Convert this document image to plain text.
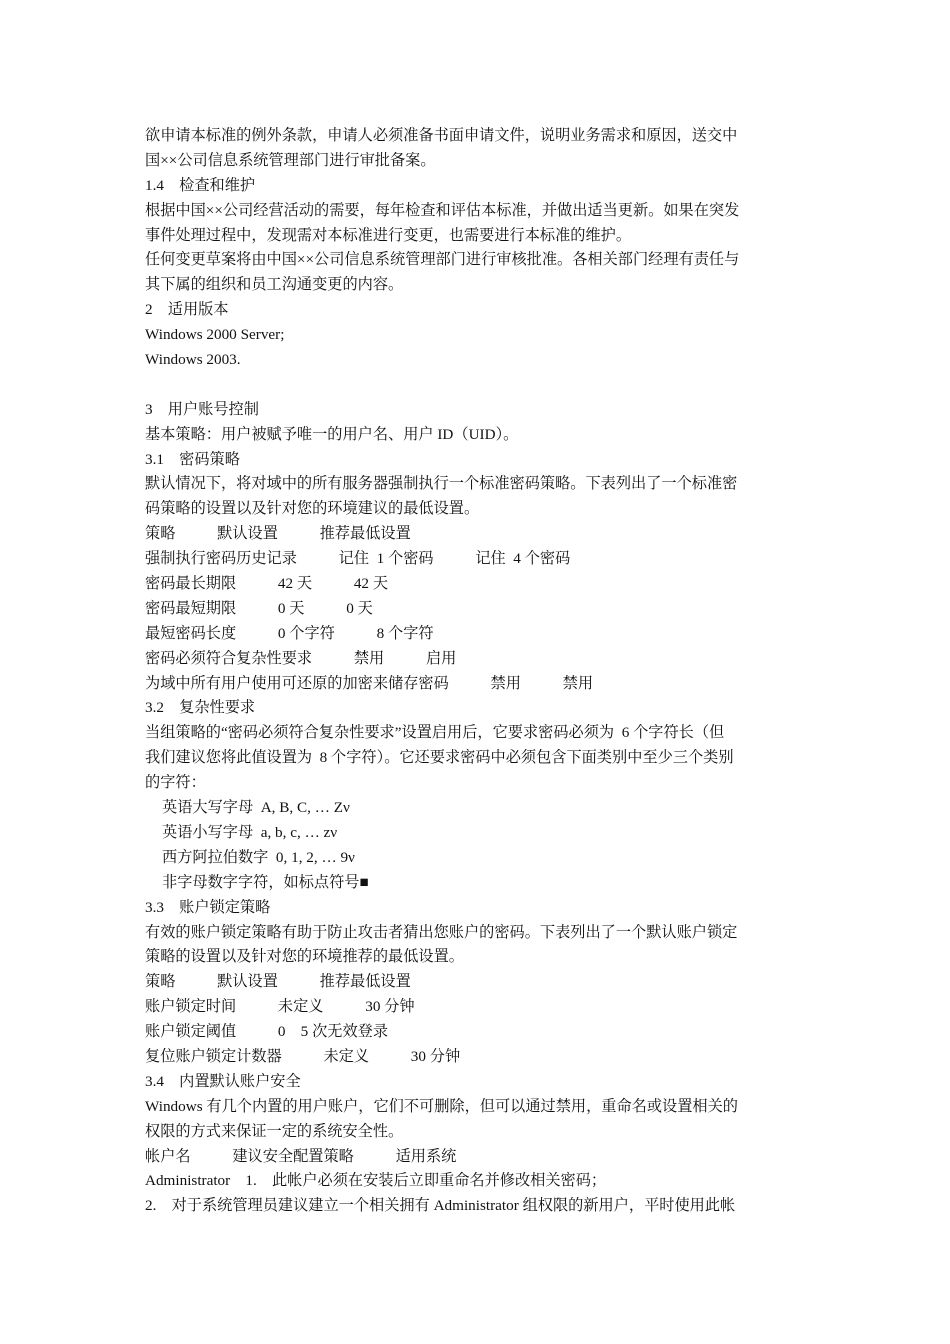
欲申请本标准的例外条款，申请人必须准备书面申请文件，说明业务需求和原因，送交中
国××公司信息系统管理部门进行审批备案。
1.4    检查和维护
根据中国××公司经营活动的需要，每年检查和评估本标准，并做出适当更新。如果在突发
事件处理过程中，发现需对本标准进行变更，也需要进行本标准的维护。
任何变更草案将由中国××公司信息系统管理部门进行审核批准。各相关部门经理有责任与
其下属的组织和员工沟通变更的内容。
2    适用版本
Windows 2000 Server;
Windows 2003.
3    用户账号控制
基本策略：用户被赋予唯一的用户名、用户 ID（UID）。
3.1    密码策略
默认情况下，将对域中的所有服务器强制执行一个标准密码策略。下表列出了一个标准密
码策略的设置以及针对您的环境建议的最低设置。
策略           默认设置           推荐最低设置
强制执行密码历史记录           记住  1 个密码           记住  4 个密码
密码最长期限           42 天           42 天
密码最短期限           0 天           0 天
最短密码长度           0 个字符           8 个字符
密码必须符合复杂性要求           禁用           启用
为域中所有用户使用可还原的加密来储存密码           禁用           禁用
3.2    复杂性要求
当组策略的“密码必须符合复杂性要求”设置启用后，它要求密码必须为  6 个字符长（但
我们建议您将此值设置为  8 个字符）。它还要求密码中必须包含下面类别中至少三个类别
的字符：
英语大写字母  A, B, C, … Zν
英语小写字母  a, b, c, … zν
西方阿拉伯数字  0, 1, 2, … 9ν
非字母数字字符，如标点符号■
3.3    账户锁定策略
有效的账户锁定策略有助于防止攻击者猜出您账户的密码。下表列出了一个默认账户锁定
策略的设置以及针对您的环境推荐的最低设置。
策略           默认设置           推荐最低设置
账户锁定时间           未定义           30 分钟
账户锁定阈值           0    5 次无效登录
复位账户锁定计数器           未定义           30 分钟
3.4    内置默认账户安全
Windows 有几个内置的用户账户，它们不可删除，但可以通过禁用，重命名或设置相关的
权限的方式来保证一定的系统安全性。
帐户名           建议安全配置策略           适用系统
Administrator    1.    此帐户必须在安装后立即重命名并修改相关密码；
2.    对于系统管理员建议建立一个相关拥有 Administrator 组权限的新用户，平时使用此帐
